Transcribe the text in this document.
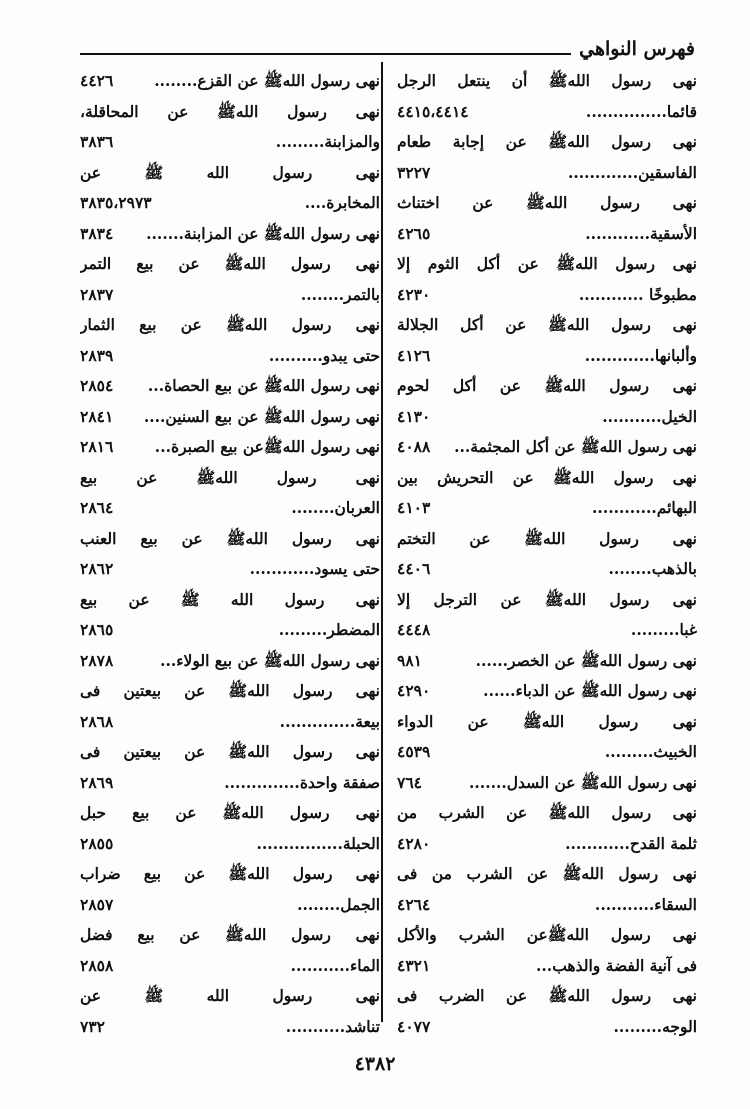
فهرس النواهي
نهى رسول اللهﷺ أن ينتعل الرجل
قائما...............
٤٤١٥،٤٤١٤
نهى رسول اللهﷺ عن إجابة طعام
الفاسقين.............
٣٢٢٧
نهى رسول اللهﷺ عن اختناث
الأسقية............
٤٢٦٥
نهى رسول اللهﷺ عن أكل الثوم إلا
مطبوخًا ............
٤٢٣٠
نهى رسول اللهﷺ عن أكل الجلالة
وألبانها.............
٤١٢٦
نهى رسول اللهﷺ عن أكل لحوم
الخيل...........
٤١٣٠
نهى رسول اللهﷺ عن أكل المجثمة...
٤٠٨٨
نهى رسول اللهﷺ عن التحريش بين
البهائم............
٤١٠٣
نهى رسول اللهﷺ عن التختم
بالذهب........
٤٤٠٦
نهى رسول اللهﷺ عن الترجل إلا
غبا.........
٤٤٤٨
نهى رسول اللهﷺ عن الخصر......
٩٨١
نهى رسول اللهﷺ عن الدباء......
٤٢٩٠
نهى رسول اللهﷺ عن الدواء
الخبيث.........
٤٥٣٩
نهى رسول اللهﷺ عن السدل.......
٧٦٤
نهى رسول اللهﷺ عن الشرب من
ثلمة القدح............
٤٢٨٠
نهى رسول اللهﷺ عن الشرب من فى
السقاء...........
٤٢٦٤
نهى رسول اللهﷺعن الشرب والأكل
فى آنية الفضة والذهب...
٤٣٢١
نهى رسول اللهﷺ عن الضرب فى
الوجه.........
٤٠٧٧
نهى رسول اللهﷺ عن القزع........
٤٤٢٦
نهى رسول اللهﷺ عن المحاقلة،
والمزابنة.........
٣٨٣٦
نهى رسول الله ﷺ عن
المخابرة....
٣٨٣٥،٢٩٧٣
نهى رسول اللهﷺ عن المزابنة.......
٣٨٣٤
نهى رسول اللهﷺ عن بيع التمر
بالتمر........
٢٨٣٧
نهى رسول اللهﷺ عن بيع الثمار
حتى يبدو..........
٢٨٣٩
نهى رسول اللهﷺ عن بيع الحصاة...
٢٨٥٤
نهى رسول اللهﷺ عن بيع السنين....
٢٨٤١
نهى رسول اللهﷺعن بيع الصبرة...
٢٨١٦
نهى رسول اللهﷺ عن بيع
العربان........
٢٨٦٤
نهى رسول اللهﷺ عن بيع العنب
حتى يسود............
٢٨٦٢
نهى رسول الله ﷺ عن بيع
المضطر.........
٢٨٦٥
نهى رسول اللهﷺ عن بيع الولاء...
٢٨٧٨
نهى رسول اللهﷺ عن بيعتين فى
بيعة..............
٢٨٦٨
نهى رسول اللهﷺ عن بيعتين فى
صفقة واحدة..............
٢٨٦٩
نهى رسول اللهﷺ عن بيع حبل
الحبلة................
٢٨٥٥
نهى رسول اللهﷺ عن بيع ضراب
الجمل........
٢٨٥٧
نهى رسول اللهﷺ عن بيع فضل
الماء...........
٢٨٥٨
نهى رسول الله ﷺ عن
تناشد...........
٧٣٢
٤٣٨٢
